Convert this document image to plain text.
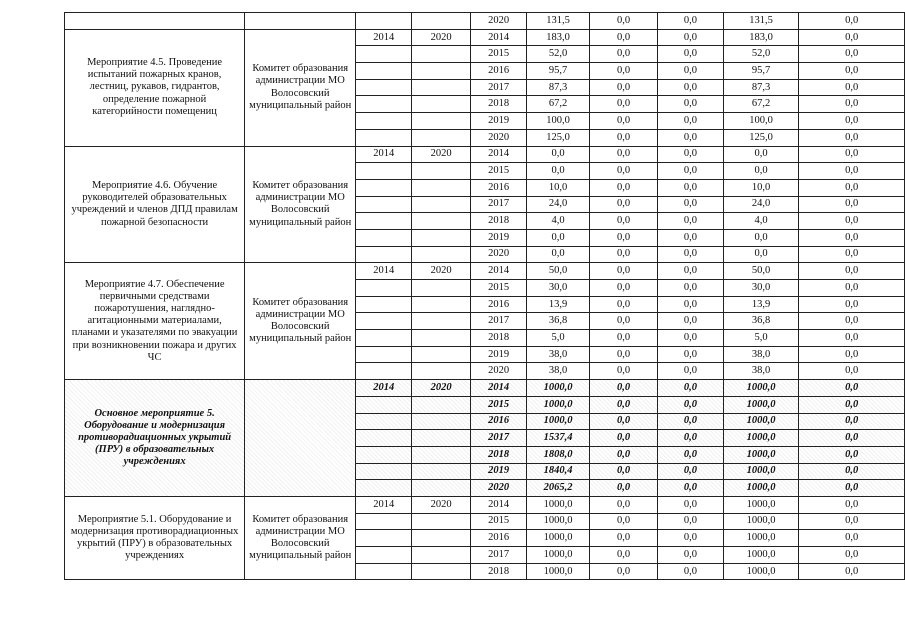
				2020	131,5	0,0	0,0	131,5	0,0
Мероприятие 4.5. Проведение испытаний пожарных кранов, лестниц, рукавов, гидрантов, определение пожарной категорийности помещениц	Комитет образования администрации МО Волосовский муниципальный район	2014	2020	2014	183,0	0,0	0,0	183,0	0,0
				2015	52,0	0,0	0,0	52,0	0,0
				2016	95,7	0,0	0,0	95,7	0,0
				2017	87,3	0,0	0,0	87,3	0,0
				2018	67,2	0,0	0,0	67,2	0,0
				2019	100,0	0,0	0,0	100,0	0,0
				2020	125,0	0,0	0,0	125,0	0,0
Мероприятие 4.6. Обучение руководителей образовательных учреждений и членов ДПД правилам пожарной безопасности	Комитет образования администрации МО Волосовский муниципальный район	2014	2020	2014	0,0	0,0	0,0	0,0	0,0
				2015	0,0	0,0	0,0	0,0	0,0
				2016	10,0	0,0	0,0	10,0	0,0
				2017	24,0	0,0	0,0	24,0	0,0
				2018	4,0	0,0	0,0	4,0	0,0
				2019	0,0	0,0	0,0	0,0	0,0
				2020	0,0	0,0	0,0	0,0	0,0
Мероприятие 4.7. Обеспечение первичными средствами пожаротушения, наглядно-агитационными материалами, планами и указателями по эвакуации при возникновении пожара и других ЧС	Комитет образования администрации МО Волосовский муниципальный район	2014	2020	2014	50,0	0,0	0,0	50,0	0,0
				2015	30,0	0,0	0,0	30,0	0,0
				2016	13,9	0,0	0,0	13,9	0,0
				2017	36,8	0,0	0,0	36,8	0,0
				2018	5,0	0,0	0,0	5,0	0,0
				2019	38,0	0,0	0,0	38,0	0,0
				2020	38,0	0,0	0,0	38,0	0,0
Основное мероприятие 5. Оборудование и модернизация противорадиационных укрытий (ПРУ) в образовательных учреждениях		2014	2020	2014	1000,0	0,0	0,0	1000,0	0,0
				2015	1000,0	0,0	0,0	1000,0	0,0
				2016	1000,0	0,0	0,0	1000,0	0,0
				2017	1537,4	0,0	0,0	1000,0	0,0
				2018	1808,0	0,0	0,0	1000,0	0,0
				2019	1840,4	0,0	0,0	1000,0	0,0
				2020	2065,2	0,0	0,0	1000,0	0,0
Мероприятие 5.1. Оборудование и модернизация противорадиационных укрытий (ПРУ) в образовательных учреждениях	Комитет образования администрации МО Волосовский муниципальный район	2014	2020	2014	1000,0	0,0	0,0	1000,0	0,0
				2015	1000,0	0,0	0,0	1000,0	0,0
				2016	1000,0	0,0	0,0	1000,0	0,0
				2017	1000,0	0,0	0,0	1000,0	0,0
				2018	1000,0	0,0	0,0	1000,0	0,0
